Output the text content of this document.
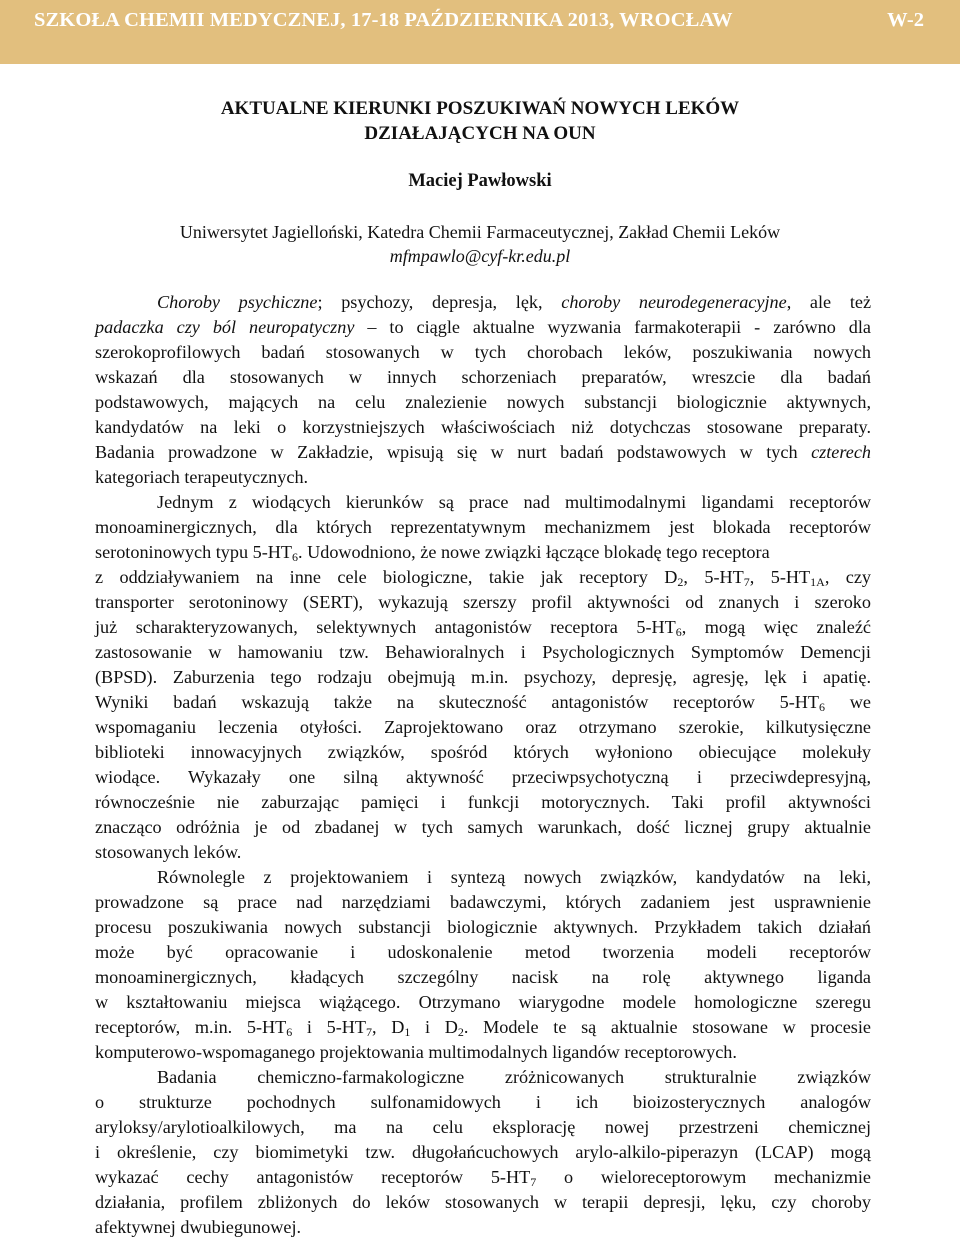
SZKOŁA CHEMII MEDYCZNEJ, 17-18 PAŹDZIERNIKA 2013, WROCŁAW	W-2
AKTUALNE KIERUNKI POSZUKIWAŃ NOWYCH LEKÓW
DZIAŁAJĄCYCH NA OUN
Maciej Pawłowski
Uniwersytet Jagielloński, Katedra Chemii Farmaceutycznej, Zakład Chemii Leków
mfmpawlo@cyf-kr.edu.pl
Choroby psychiczne; psychozy, depresja, lęk, choroby neurodegeneracyjne, ale też
padaczka czy ból neuropatyczny – to ciągle aktualne wyzwania farmakoterapii - zarówno dla
szerokoprofilowych badań stosowanych w tych chorobach leków, poszukiwania nowych
wskazań dla stosowanych w innych schorzeniach preparatów, wreszcie dla badań
podstawowych, mających na celu znalezienie nowych substancji biologicznie aktywnych,
kandydatów na leki o korzystniejszych właściwościach niż dotychczas stosowane preparaty.
Badania prowadzone w Zakładzie, wpisują się w nurt badań podstawowych w tych czterech
kategoriach terapeutycznych.
Jednym z wiodących kierunków są prace nad multimodalnymi ligandami receptorów
monoaminergicznych, dla których reprezentatywnym mechanizmem jest blokada receptorów
serotoninowych typu $5-HT_6$. Udowodniono, że nowe związki łączące blokadę tego receptora
z oddziaływaniem na inne cele biologiczne, takie jak receptory $D_2$, $5-HT_7$, $5-HT_{1A}$, czy
transporter serotoninowy (SERT), wykazują szerszy profil aktywności od znanych i szeroko
już scharakteryzowanych, selektywnych antagonistów receptora $5-HT_6$, mogą więc znaleźć
zastosowanie w hamowaniu tzw. Behawioralnych i Psychologicznych Symptomów Demencji
(BPSD). Zaburzenia tego rodzaju obejmują m.in. psychozy, depresję, agresję, lęk i apatię.
Wyniki badań wskazują także na skuteczność antagonistów receptorów $5-HT_6$ we
wspomaganiu leczenia otyłości. Zaprojektowano oraz otrzymano szerokie, kilkutysięczne
biblioteki innowacyjnych związków, spośród których wyłoniono obiecujące molekuły
wiodące. Wykazały one silną aktywność przeciwpsychotyczną i przeciwdepresyjną,
równocześnie nie zaburzając pamięci i funkcji motorycznych. Taki profil aktywności
znacząco odróżnia je od zbadanej w tych samych warunkach, dość licznej grupy aktualnie
stosowanych leków.
Równolegle z projektowaniem i syntezą nowych związków, kandydatów na leki,
prowadzone są prace nad narzędziami badawczymi, których zadaniem jest usprawnienie
procesu poszukiwania nowych substancji biologicznie aktywnych. Przykładem takich działań
może być opracowanie i udoskonalenie metod tworzenia modeli receptorów
monoaminergicznych, kładących szczególny nacisk na rolę aktywnego liganda
w kształtowaniu miejsca wiążącego. Otrzymano wiarygodne modele homologiczne szeregu
receptorów, m.in. $5-HT_6$ i $5-HT_7$, $D_1$ i $D_2$. Modele te są aktualnie stosowane w procesie
komputerowo-wspomaganego projektowania multimodalnych ligandów receptorowych.
Badania chemiczno-farmakologiczne zróżnicowanych strukturalnie związków
o strukturze pochodnych sulfonamidowych i ich bioizosterycznych analogów
aryloksy/arylotioalkilowych, ma na celu eksplorację nowej przestrzeni chemicznej
i określenie, czy biomimetyki tzw. długołańcuchowych arylo-alkilo-piperazyn (LCAP) mogą
wykazać cechy antagonistów receptorów $5-HT_7$ o wieloreceptorowym mechanizmie
działania, profilem zbliżonych do leków stosowanych w terapii depresji, lęku, czy choroby
afektywnej dwubiegunowej.
